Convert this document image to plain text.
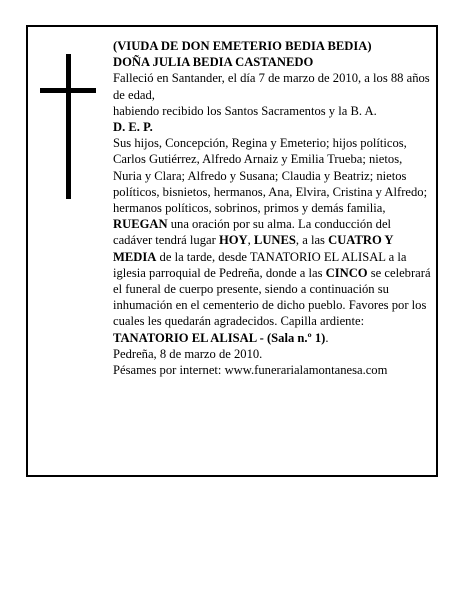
(VIUDA DE DON EMETERIO BEDIA BEDIA)

DOÑA JULIA BEDIA CASTANEDO

Falleció en Santander, el día 7 de marzo de 2010, a los 88 años de edad,

habiendo recibido los Santos Sacramentos y la B. A.

D. E. P.

Sus hijos, Concepción, Regina y Emeterio; hijos políticos, Carlos Gutiérrez, Alfredo Arnaiz y Emilia Trueba; nietos, Nuria y Clara; Alfredo y Susana; Claudia y Beatriz; nietos políticos, bisnietos, hermanos, Ana, Elvira, Cristina y Alfredo; hermanos políticos, sobrinos, primos y demás familia,

RUEGAN una oración por su alma. La conducción del cadáver tendrá lugar HOY, LUNES, a las CUATRO Y MEDIA de la tarde, desde TANATORIO EL ALISAL a la iglesia parroquial de Pedreña, donde a las CINCO se celebrará el funeral de cuerpo presente, siendo a continuación su inhumación en el cementerio de dicho pueblo. Favores por los cuales les quedarán agradecidos. Capilla ardiente: TANATORIO EL ALISAL - (Sala n.º 1).

Pedreña, 8 de marzo de 2010.

Pésames por internet: www.funerarialamontanesa.com
